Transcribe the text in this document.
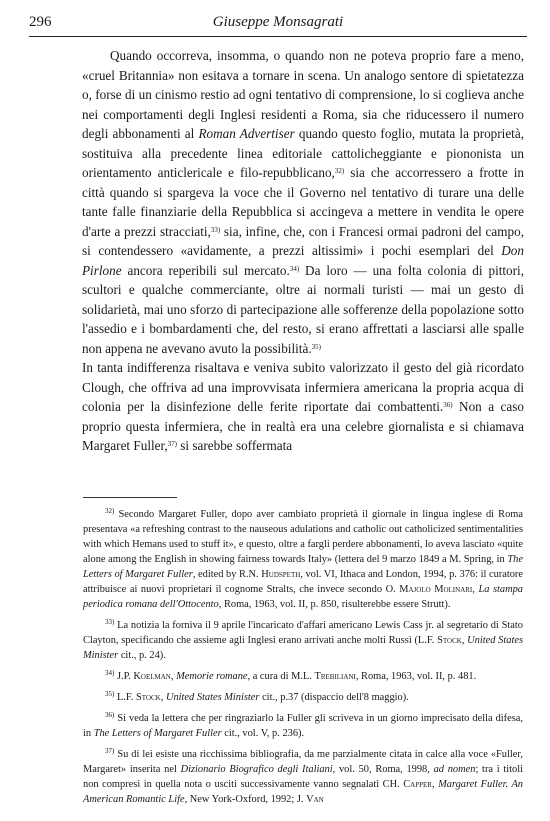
296	Giuseppe Monsagrati

Quando occorreva, insomma, o quando non ne poteva proprio fare a meno, «cruel Britannia» non esitava a tornare in scena. Un analogo sentore di spietatezza o, forse di un cinismo restio ad ogni tentativo di comprensione, lo si coglieva anche nei comportamenti degli Inglesi residenti a Roma, sia che riducessero il numero degli abbonamenti al Roman Advertiser quando questo foglio, mutata la proprietà, sostituiva alla precedente linea editoriale cattolicheggiante e piononista un orientamento anticlericale e filo-repubblicano,$^{32)}$ sia che accorressero a frotte in città quando si spargeva la voce che il Governo nel tentativo di turare una delle tante falle finanziarie della Repubblica si accingeva a mettere in vendita le opere d'arte a prezzi stracciati,$^{33)}$ sia, infine, che, con i Francesi ormai padroni del campo, si contendessero «avidamente, a prezzi altissimi» i pochi esemplari del Don Pirlone ancora reperibili sul mercato.$^{34)}$ Da loro — una folta colonia di pittori, scultori e qualche commerciante, oltre ai normali turisti — mai un gesto di solidarietà, mai uno sforzo di partecipazione alle sofferenze della popolazione sotto l'assedio e i bombardamenti che, del resto, si erano affrettati a lasciarsi alle spalle non appena ne avevano avuto la possibilità.$^{35)}$

In tanta indifferenza risaltava e veniva subito valorizzato il gesto del già ricordato Clough, che offriva ad una improvvisata infermiera americana la propria acqua di colonia per la disinfezione delle ferite riportate dai combattenti.$^{36)}$ Non a caso proprio questa infermiera, che in realtà era una celebre giornalista e si chiamava Margaret Fuller,$^{37)}$ si sarebbe soffermata

$^{32)}$ Secondo Margaret Fuller, dopo aver cambiato proprietà il giornale in lingua inglese di Roma presentava «a refreshing contrast to the nauseous adulations and catholic out catholicized sentimentalities with which Hemans used to stuff it», e questo, oltre a fargli perdere abbonamenti, lo aveva lasciato «quite alone among the English in showing fairness towards Italy» (lettera del 9 marzo 1849 a M. Spring, in The Letters of Margaret Fuller, edited by R.N. Hudspeth, vol. VI, Ithaca and London, 1994, p. 376: il curatore attribuisce ai nuovi proprietari il cognome Stralts, che invece secondo O. Majolo Molinari, La stampa periodica romana dell'Ottocento, Roma, 1963, vol. II, p. 850, risulterebbe essere Strutt).

$^{33)}$ La notizia la forniva il 9 aprile l'incaricato d'affari americano Lewis Cass jr. al segretario di Stato Clayton, specificando che assieme agli Inglesi erano arrivati anche molti Russi (L.F. Stock, United States Minister cit., p. 24).

$^{34)}$ J.P. Koelman, Memorie romane, a cura di M.L. Trebiliani, Roma, 1963, vol. II, p. 481.

$^{35)}$ L.F. Stock, United States Minister cit., p.37 (dispaccio dell'8 maggio).

$^{36)}$ Si veda la lettera che per ringraziarlo la Fuller gli scriveva in un giorno imprecisato della difesa, in The Letters of Margaret Fuller cit., vol. V, p. 236).

$^{37)}$ Su di lei esiste una ricchissima bibliografia, da me parzialmente citata in calce alla voce «Fuller, Margaret» inserita nel Dizionario Biografico degli Italiani, vol. 50, Roma, 1998, ad nomen; tra i titoli non compresi in quella nota o usciti successivamente vanno segnalati CH. Capper, Margaret Fuller. An American Romantic Life, New York-Oxford, 1992; J. Van
